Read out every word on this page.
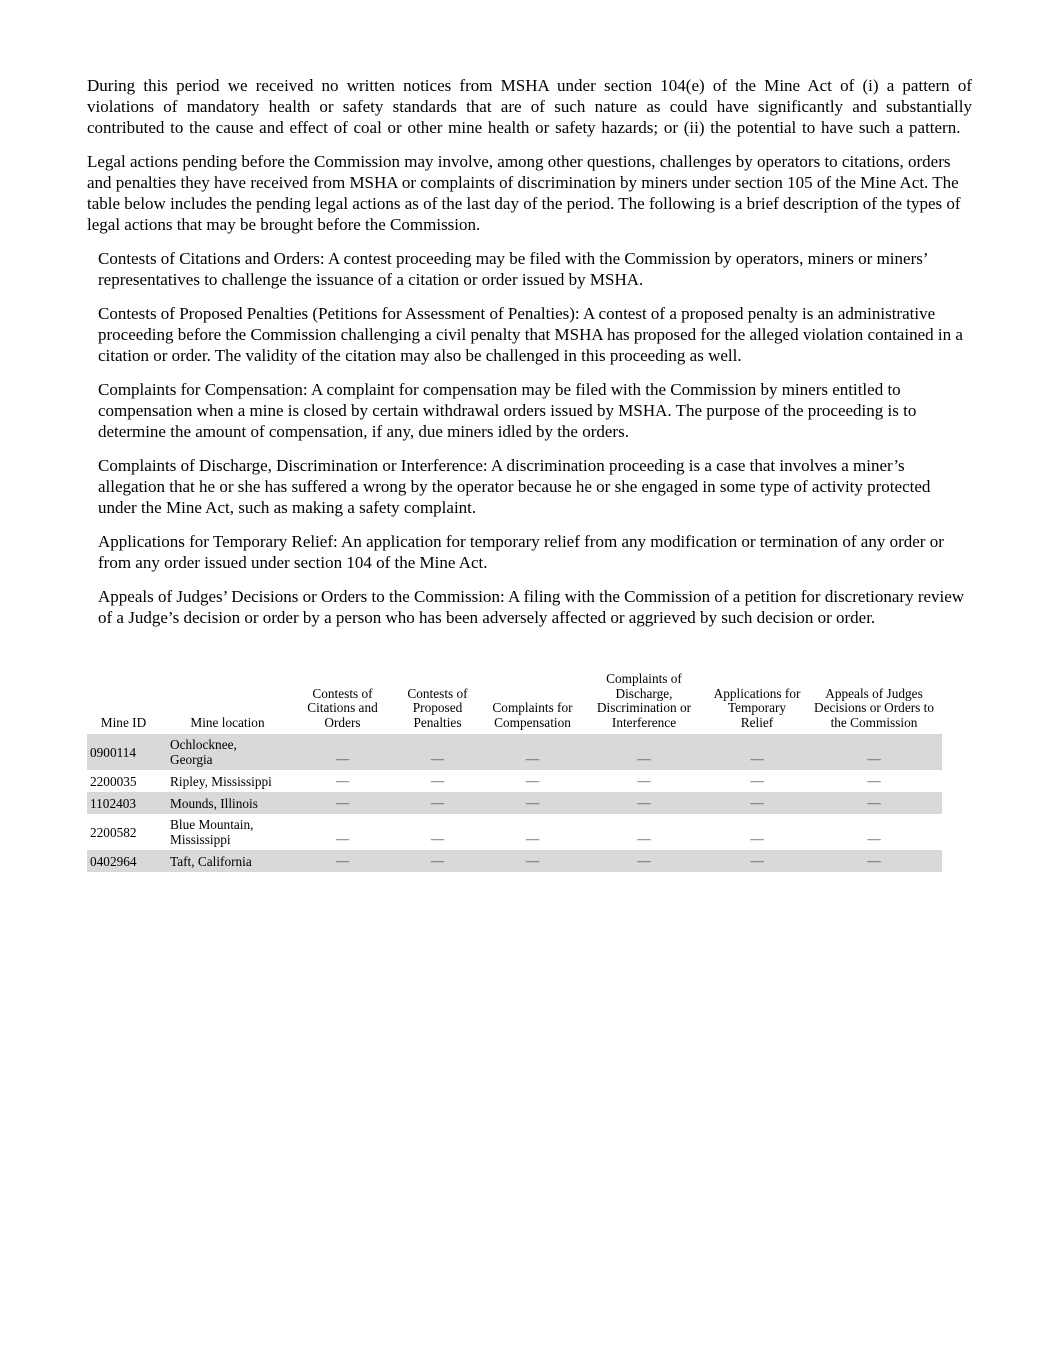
During this period we received no written notices from MSHA under section 104(e) of the Mine Act of (i) a pattern of violations of mandatory health or safety standards that are of such nature as could have significantly and substantially contributed to the cause and effect of coal or other mine health or safety hazards; or (ii) the potential to have such a pattern.

Legal actions pending before the Commission may involve, among other questions, challenges by operators to citations, orders and penalties they have received from MSHA or complaints of discrimination by miners under section 105 of the Mine Act. The table below includes the pending legal actions as of the last day of the period. The following is a brief description of the types of legal actions that may be brought before the Commission.

Contests of Citations and Orders: A contest proceeding may be filed with the Commission by operators, miners or miners’ representatives to challenge the issuance of a citation or order issued by MSHA.

Contests of Proposed Penalties (Petitions for Assessment of Penalties): A contest of a proposed penalty is an administrative proceeding before the Commission challenging a civil penalty that MSHA has proposed for the alleged violation contained in a citation or order. The validity of the citation may also be challenged in this proceeding as well.

Complaints for Compensation: A complaint for compensation may be filed with the Commission by miners entitled to compensation when a mine is closed by certain withdrawal orders issued by MSHA. The purpose of the proceeding is to determine the amount of compensation, if any, due miners idled by the orders.

Complaints of Discharge, Discrimination or Interference: A discrimination proceeding is a case that involves a miner’s allegation that he or she has suffered a wrong by the operator because he or she engaged in some type of activity protected under the Mine Act, such as making a safety complaint.

Applications for Temporary Relief: An application for temporary relief from any modification or termination of any order or from any order issued under section 104 of the Mine Act.

Appeals of Judges’ Decisions or Orders to the Commission: A filing with the Commission of a petition for discretionary review of a Judge’s decision or order by a person who has been adversely affected or aggrieved by such decision or order.

Mine ID	Mine location	Contests of Citations and Orders	Contests of Proposed Penalties	Complaints for Compensation	Complaints of Discharge, Discrimination or Interference	Applications for Temporary Relief	Appeals of Judges Decisions or Orders to the Commission
0900114	Ochlocknee, Georgia	—	—	—	—	—	—
2200035	Ripley, Mississippi	—	—	—	—	—	—
1102403	Mounds, Illinois	—	—	—	—	—	—
2200582	Blue Mountain, Mississippi	—	—	—	—	—	—
0402964	Taft, California	—	—	—	—	—	—
